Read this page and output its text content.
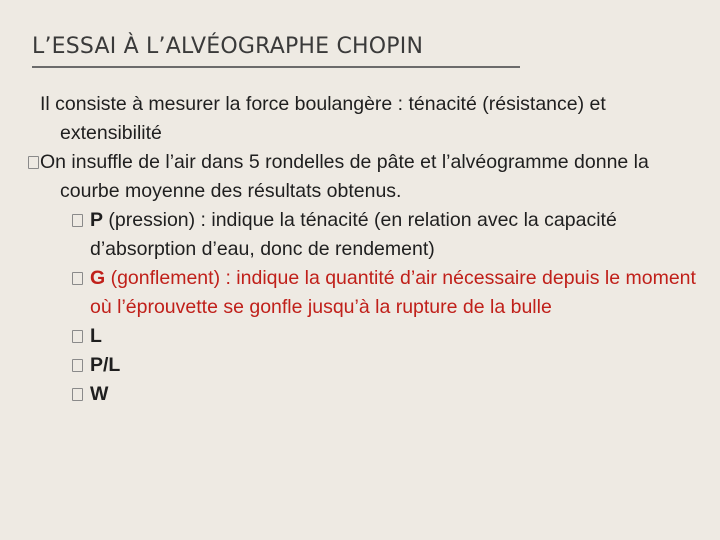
L’ESSAI À L’ALVÉOGRAPHE CHOPIN
Il consiste à mesurer la force boulangère : ténacité (résistance) et extensibilité
On insuffle de l’air dans 5 rondelles de pâte et l’alvéogramme donne la courbe moyenne des résultats obtenus.
P (pression) : indique la ténacité (en relation avec la capacité d’absorption d’eau, donc de rendement)
G (gonflement) : indique la quantité d’air nécessaire depuis le moment où l’éprouvette se gonfle jusqu’à la rupture de la bulle
L
P/L
W
